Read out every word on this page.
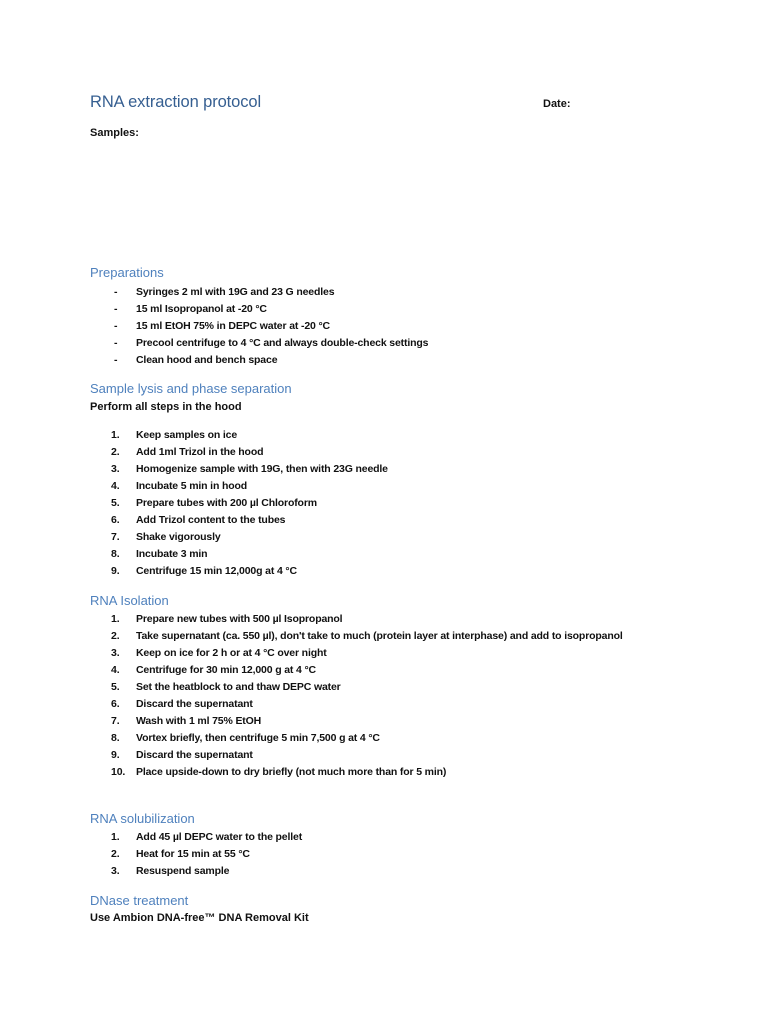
RNA extraction protocol	Date:
Samples:
Preparations
- Syringes 2 ml with 19G and 23 G needles
- 15 ml Isopropanol at -20 °C
- 15 ml EtOH 75% in DEPC water at -20 °C
- Precool centrifuge to 4 °C and always double-check settings
- Clean hood and bench space
Sample lysis and phase separation
Perform all steps in the hood
1.	Keep samples on ice
2.	Add 1ml Trizol in the hood
3.	Homogenize sample with 19G, then with 23G needle
4.	Incubate 5 min in hood
5.	Prepare tubes with 200 µl Chloroform
6.	Add Trizol content to the tubes
7.	Shake vigorously
8.	Incubate 3 min
9.	Centrifuge 15 min 12,000g at 4 °C
RNA Isolation
1.	Prepare new tubes with 500 µl Isopropanol
2.	Take supernatant (ca. 550 µl), don't take to much (protein layer at interphase) and add to isopropanol
3.	Keep on ice for 2 h or at 4 °C over night
4.	Centrifuge for 30 min 12,000 g at 4 °C
5.	Set the heatblock to and thaw DEPC water
6.	Discard the supernatant
7.	Wash with 1 ml 75% EtOH
8.	Vortex briefly, then centrifuge 5 min 7,500 g at 4 °C
9.	Discard the supernatant
10.	Place upside-down to dry briefly (not much more than for 5 min)
RNA solubilization
1.	Add 45 µl DEPC water to the pellet
2.	Heat for 15 min at 55 °C
3.	Resuspend sample
DNase treatment
Use Ambion DNA-free™ DNA Removal Kit
